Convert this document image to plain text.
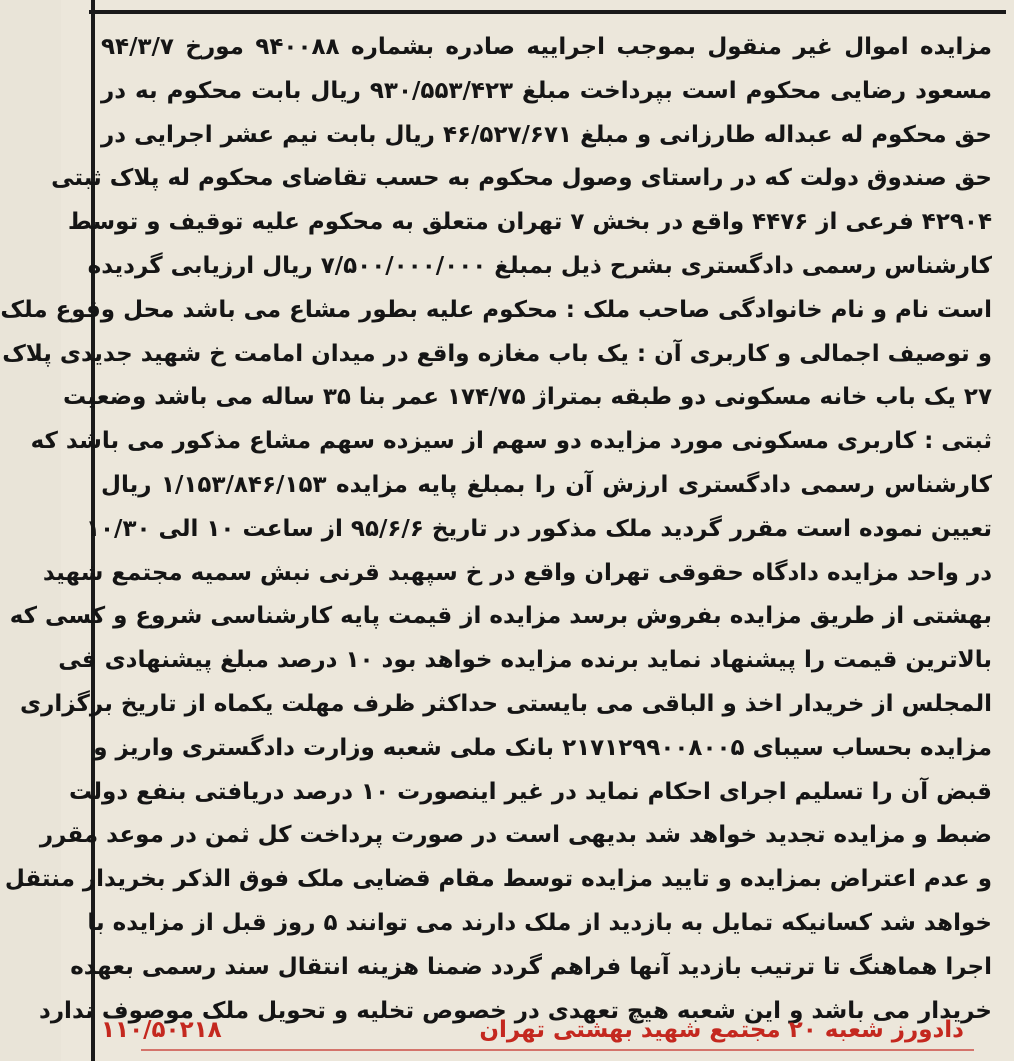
مزایده اموال غیر منقول بموجب اجراییه صادره بشماره ۹۴۰۰۸۸ مورخ ۹۴/۳/۷
مسعود رضایی محکوم است بپرداخت مبلغ ۹۳۰/۵۵۳/۴۲۳ ریال بابت محکوم به در
حق محکوم له عبداله طارزانی و مبلغ ۴۶/۵۲۷/۶۷۱ ریال بابت نیم عشر اجرایی در
حق صندوق دولت که در راستای وصول محکوم به حسب تقاضای محکوم له پلاک ثبتی
۴۲۹۰۴ فرعی از ۴۴۷۶ واقع در بخش ۷ تهران متعلق به محکوم علیه توقیف و توسط
کارشناس رسمی دادگستری بشرح ذیل بمبلغ ۷/۵۰۰/۰۰۰/۰۰۰ ریال ارزیابی گردیده
است نام و نام خانوادگی صاحب ملک : محکوم علیه بطور مشاع می باشد محل وقوع ملک
و توصیف اجمالی و کاربری آن : یک باب مغازه واقع در میدان امامت خ شهید جدیدی پلاک
۲۷ یک باب خانه مسکونی دو طبقه بمتراژ ۱۷۴/۷۵ عمر بنا ۳۵ ساله می باشد وضعیت
ثبتی : کاربری مسکونی مورد مزایده دو سهم از سیزده سهم مشاع مذکور می باشد که
کارشناس رسمی دادگستری ارزش آن را بمبلغ پایه مزایده ۱/۱۵۳/۸۴۶/۱۵۳ ریال
تعیین نموده است مقرر گردید ملک مذکور در تاریخ ۹۵/۶/۶ از ساعت ۱۰ الی ۱۰/۳۰
در واحد مزایده دادگاه حقوقی تهران واقع در خ سپهبد قرنی نبش سمیه مجتمع شهید
بهشتی از طریق مزایده بفروش برسد مزایده از قیمت پایه کارشناسی شروع و کسی که
بالاترین قیمت را پیشنهاد نماید برنده مزایده خواهد بود ۱۰ درصد مبلغ پیشنهادی فی
المجلس از خریدار اخذ و الباقی می بایستی حداکثر ظرف مهلت یکماه از تاریخ برگزاری
مزایده بحساب سیبای ۲۱۷۱۲۹۹۰۰۸۰۰۵ بانک ملی شعبه وزارت دادگستری واریز و
قبض آن را تسلیم اجرای احکام نماید در غیر اینصورت ۱۰ درصد دریافتی بنفع دولت
ضبط و مزایده تجدید خواهد شد بدیهی است در صورت پرداخت کل ثمن در موعد مقرر
و عدم اعتراض بمزایده و تایید مزایده توسط مقام قضایی ملک فوق الذکر بخریدار منتقل
خواهد شد کسانیکه تمایل به بازدید از ملک دارند می توانند ۵ روز قبل از مزایده با
اجرا هماهنگ تا ترتیب بازدید آنها فراهم گردد ضمنا هزینه انتقال سند رسمی بعهده
خریدار می باشد و این شعبه هیچ تعهدی در خصوص تخلیه و تحویل ملک موصوف ندارد
دادورز شعبه ۲۰ مجتمع شهید بهشتی تهران
۱۱۰/۵۰۲۱۸
